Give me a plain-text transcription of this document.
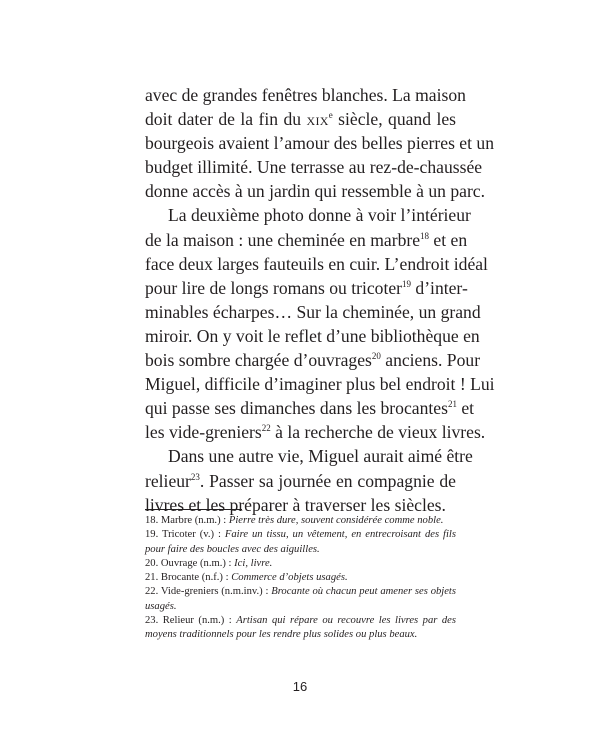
avec de grandes fenêtres blanches. La maison
doit dater de la fin du xix$^e$ siècle, quand les
bourgeois avaient l’amour des belles pierres et un
budget illimité. Une terrasse au rez-de-chaussée
donne accès à un jardin qui ressemble à un parc.

La deuxième photo donne à voir l’intérieur
de la maison : une cheminée en marbre$^{18}$ et en
face deux larges fauteuils en cuir. L’endroit idéal
pour lire de longs romans ou tricoter$^{19}$ d’inter-
minables écharpes… Sur la cheminée, un grand
miroir. On y voit le reflet d’une bibliothèque en
bois sombre chargée d’ouvrages$^{20}$ anciens. Pour
Miguel, difficile d’imaginer plus bel endroit ! Lui
qui passe ses dimanches dans les brocantes$^{21}$ et
les vide-greniers$^{22}$ à la recherche de vieux livres.

Dans une autre vie, Miguel aurait aimé être
relieur$^{23}$. Passer sa journée en compagnie de
livres et les préparer à traverser les siècles.

18. Marbre (n.m.) : Pierre très dure, souvent considérée comme noble.

19. Tricoter (v.) : Faire un tissu, un vêtement, en entrecroisant des fils pour faire des boucles avec des aiguilles.

20. Ouvrage (n.m.) : Ici, livre.

21. Brocante (n.f.) : Commerce d’objets usagés.

22. Vide-greniers (n.m.inv.) : Brocante où chacun peut amener ses objets usagés.

23. Relieur (n.m.) : Artisan qui répare ou recouvre les livres par des moyens traditionnels pour les rendre plus solides ou plus beaux.

16
